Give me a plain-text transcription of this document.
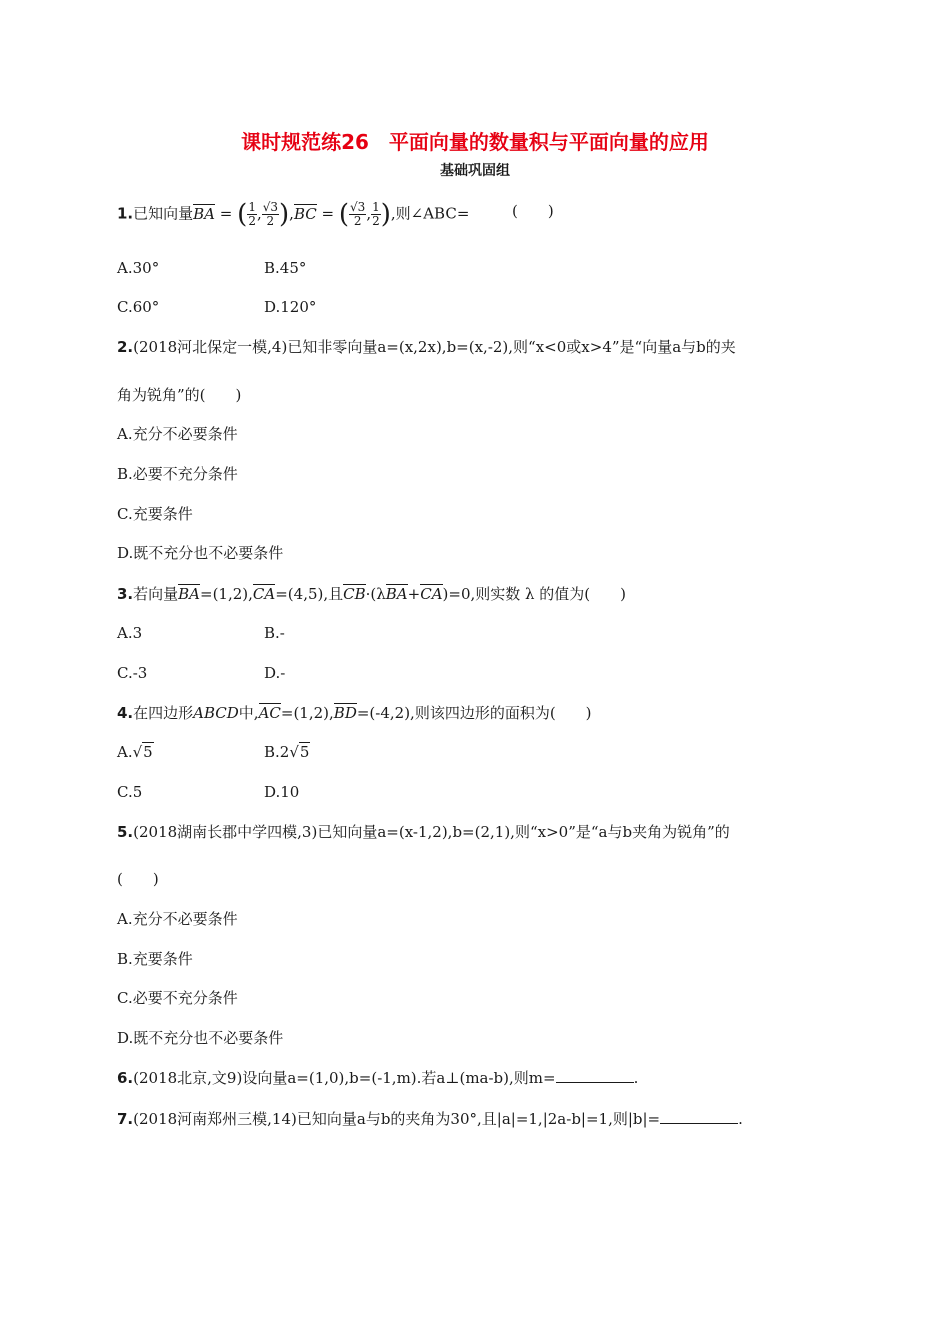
课时规范练26　平面向量的数量积与平面向量的应用
基础巩固组
1.已知向量BA = ( $\frac{1}{2}$ , $\frac{√3}{2} ),BC$ = ( $\frac{√3}{2}$ , $\frac{1}{2}$ ),则∠ABC=	(　　)
A.30°	B.45°
C.60°	D.120°
2.(2018河北保定一模,4)已知非零向量a=(x,2x),b=(x,-2),则“x<0或x>4”是“向量a与b的夹
角为锐角”的(　　)
A.充分不必要条件
B.必要不充分条件
C.充要条件
D.既不充分也不必要条件
3.若向量BA=(1,2),CA=(4,5),且CB·(λBA+CA)=0,则实数 λ 的值为(　　)
A.3	B.-
C.-3	D.-
4.在四边形ABCD中,AC=(1,2),BD=(-4,2),则该四边形的面积为(　　)
A.√5	B.2√5
C.5	D.10
5.(2018湖南长郡中学四模,3)已知向量a=(x-1,2),b=(2,1),则“x>0”是“a与b夹角为锐角”的
(　　)
A.充分不必要条件
B.充要条件
C.必要不充分条件
D.既不充分也不必要条件
6.(2018北京,文9)设向量a=(1,0),b=(-1,m).若a⊥(ma-b),则m=	.
7.(2018河南郑州三模,14)已知向量a与b的夹角为30°,且|a|=1,|2a-b|=1,则|b|=	.
